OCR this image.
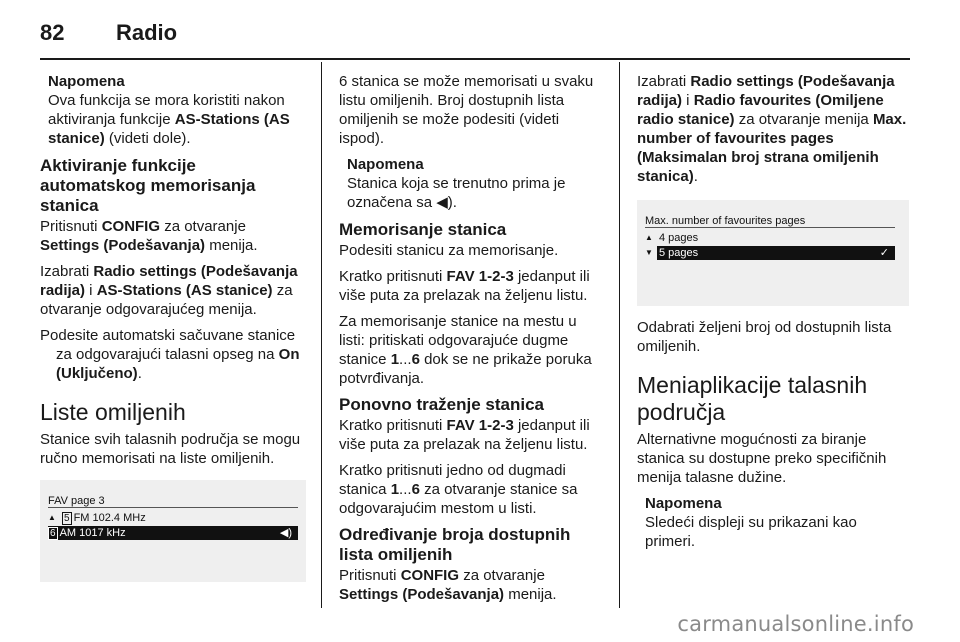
82 Radio
Napomena
Ova funkcija se mora koristiti nakon aktiviranja funkcije AS-Stations (AS stanice) (videti dole).
Aktiviranje funkcije automatskog memorisanja stanica

Pritisnuti CONFIG za otvaranje Settings (Podešavanja) menija.

Izabrati Radio settings (Podešavanja radija) i AS-Stations (AS stanice) za otvaranje odgovarajućeg menija.

Podesite automatski sačuvane stanice za odgovarajući talasni opseg na On (Uključeno).

Liste omiljenih

Stanice svih talasnih područja se mogu ručno memorisati na liste omiljenih.

FAV page 3
▲ 5 FM 102.4 MHz
6 AM 1017 kHz	◀)

6 stanica se može memorisati u svaku listu omiljenih. Broj dostupnih lista omiljenih se može podesiti (videti ispod).

Napomena
Stanica koja se trenutno prima je označena sa ◀).
Memorisanje stanica

Podesiti stanicu za memorisanje.

Kratko pritisnuti FAV 1-2-3 jedanput ili više puta za prelazak na željenu listu.

Za memorisanje stanice na mestu u listi: pritiskati odgovarajuće dugme stanice 1...6 dok se ne prikaže poruka potvrđivanja.

Ponovno traženje stanica

Kratko pritisnuti FAV 1-2-3 jedanput ili više puta za prelazak na željenu listu.

Kratko pritisnuti jedno od dugmadi stanica 1...6 za otvaranje stanice sa odgovarajućim mestom u listi.

Određivanje broja dostupnih lista omiljenih

Pritisnuti CONFIG za otvaranje Settings (Podešavanja) menija.

Izabrati Radio settings (Podešavanja radija) i Radio favourites (Omiljene radio stanice) za otvaranje menija Max. number of favourites pages (Maksimalan broj strana omiljenih stanica).

Max. number of favourites pages
▲ 4 pages
▼ 5 pages	✓

Odabrati željeni broj od dostupnih lista omiljenih.

Meniaplikacije talasnih područja

Alternativne mogućnosti za biranje stanica su dostupne preko specifičnih menija talasne dužine.

Napomena
Sledeći displeji su prikazani kao primeri.
carmanualsonline.info
